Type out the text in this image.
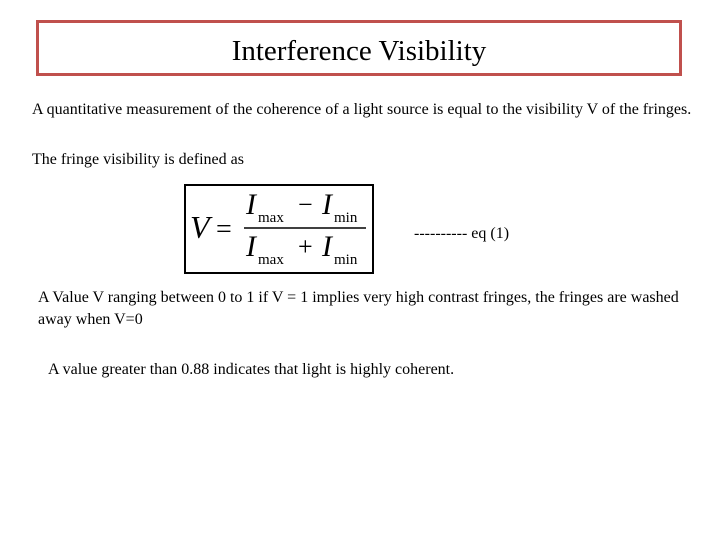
Interference Visibility
A quantitative measurement of the coherence of a light source is equal to the visibility V of the fringes.
The fringe visibility is defined as
V =
I max − I min
I max + I min
---------- eq (1)
A Value V ranging between 0 to 1 if V = 1 implies very high contrast fringes, the fringes are washed away when V=0
A value greater than 0.88 indicates that light is highly coherent.
